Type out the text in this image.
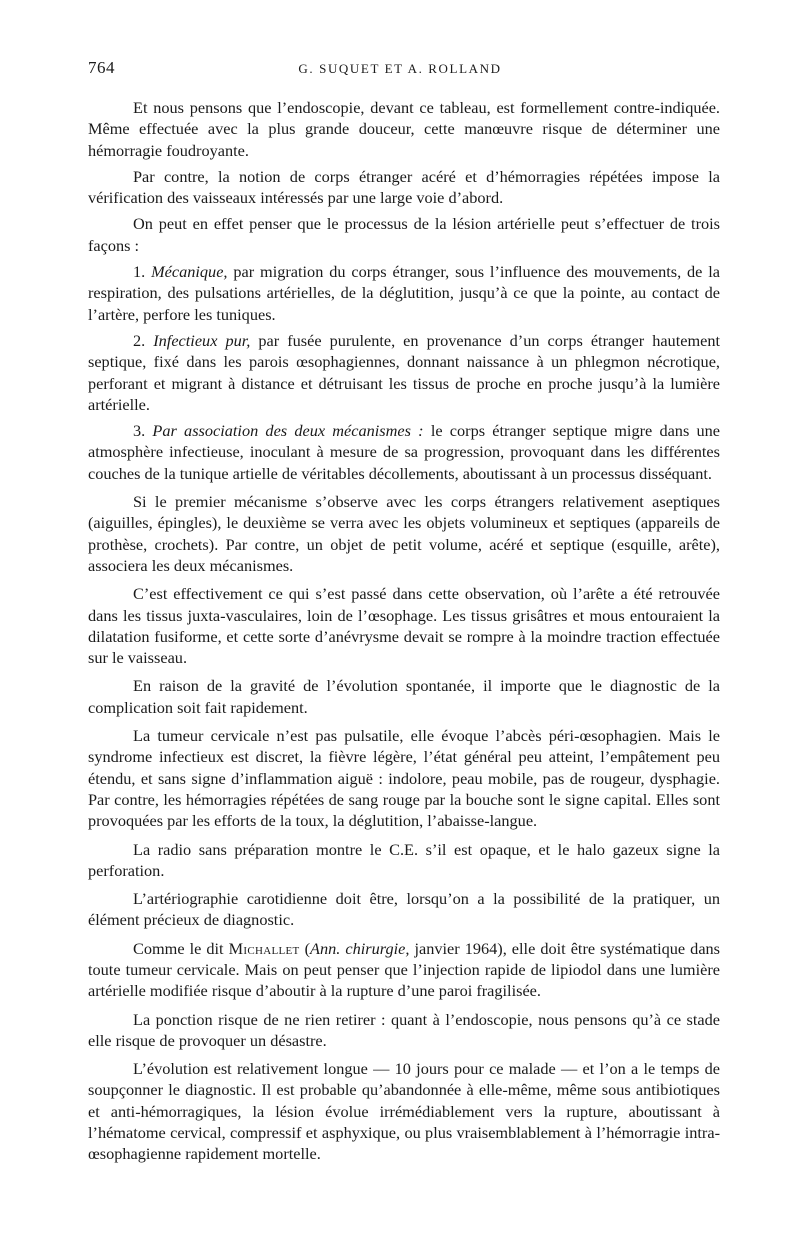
764	G. SUQUET ET A. ROLLAND

Et nous pensons que l’endoscopie, devant ce tableau, est formellement contre-indiquée. Même effectuée avec la plus grande douceur, cette manœuvre risque de déterminer une hémorragie foudroyante.

Par contre, la notion de corps étranger acéré et d’hémorragies répétées impose la vérification des vaisseaux intéressés par une large voie d’abord.

On peut en effet penser que le processus de la lésion artérielle peut s’effectuer de trois façons :

1. Mécanique, par migration du corps étranger, sous l’influence des mouvements, de la respiration, des pulsations artérielles, de la déglutition, jusqu’à ce que la pointe, au contact de l’artère, perfore les tuniques.

2. Infectieux pur, par fusée purulente, en provenance d’un corps étranger hautement septique, fixé dans les parois œsophagiennes, donnant naissance à un phlegmon nécrotique, perforant et migrant à distance et détruisant les tissus de proche en proche jusqu’à la lumière artérielle.

3. Par association des deux mécanismes : le corps étranger septique migre dans une atmosphère infectieuse, inoculant à mesure de sa progression, provoquant dans les différentes couches de la tunique artielle de véritables décollements, aboutissant à un processus disséquant.

Si le premier mécanisme s’observe avec les corps étrangers relativement aseptiques (aiguilles, épingles), le deuxième se verra avec les objets volumineux et septiques (appareils de prothèse, crochets). Par contre, un objet de petit volume, acéré et septique (esquille, arête), associera les deux mécanismes.

C’est effectivement ce qui s’est passé dans cette observation, où l’arête a été retrouvée dans les tissus juxta-vasculaires, loin de l’œsophage. Les tissus grisâtres et mous entouraient la dilatation fusiforme, et cette sorte d’anévrysme devait se rompre à la moindre traction effectuée sur le vaisseau.

En raison de la gravité de l’évolution spontanée, il importe que le diagnostic de la complication soit fait rapidement.

La tumeur cervicale n’est pas pulsatile, elle évoque l’abcès péri-œsophagien. Mais le syndrome infectieux est discret, la fièvre légère, l’état général peu atteint, l’empâtement peu étendu, et sans signe d’inflammation aiguë : indolore, peau mobile, pas de rougeur, dysphagie. Par contre, les hémorragies répétées de sang rouge par la bouche sont le signe capital. Elles sont provoquées par les efforts de la toux, la déglutition, l’abaisse-langue.

La radio sans préparation montre le C.E. s’il est opaque, et le halo gazeux signe la perforation.

L’artériographie carotidienne doit être, lorsqu’on a la possibilité de la pratiquer, un élément précieux de diagnostic.

Comme le dit Michallet (Ann. chirurgie, janvier 1964), elle doit être systématique dans toute tumeur cervicale. Mais on peut penser que l’injection rapide de lipiodol dans une lumière artérielle modifiée risque d’aboutir à la rupture d’une paroi fragilisée.

La ponction risque de ne rien retirer : quant à l’endoscopie, nous pensons qu’à ce stade elle risque de provoquer un désastre.

L’évolution est relativement longue — 10 jours pour ce malade — et l’on a le temps de soupçonner le diagnostic. Il est probable qu’abandonnée à elle-même, même sous antibiotiques et anti-hémorragiques, la lésion évolue irrémédiablement vers la rupture, aboutissant à l’hématome cervical, compressif et asphyxique, ou plus vraisemblablement à l’hémorragie intra-œsophagienne rapidement mortelle.
